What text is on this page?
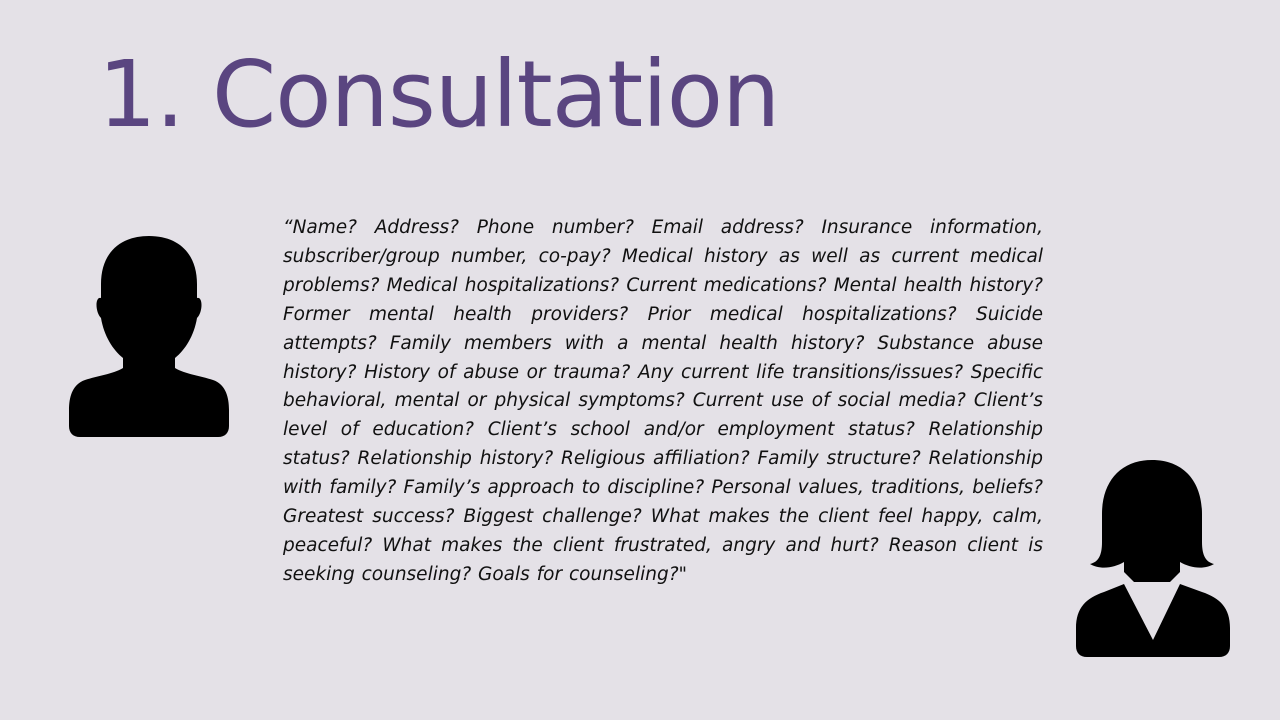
1. Consultation

“Name? Address? Phone number? Email address? Insurance information, subscriber/group number, co-pay? Medical history as well as current medical problems? Medical hospitalizations? Current medications? Mental health history? Former mental health providers? Prior medical hospitalizations? Suicide attempts? Family members with a mental health history? Substance abuse history? History of abuse or trauma? Any current life transitions/issues? Specific behavioral, mental or physical symptoms? Current use of social media? Client’s level of education? Client’s school and/or employment status? Relationship status? Relationship history? Religious affiliation? Family structure? Relationship with family? Family’s approach to discipline? Personal values, traditions, beliefs? Greatest success? Biggest challenge? What makes the client feel happy, calm, peaceful? What makes the client frustrated, angry and hurt? Reason client is seeking counseling? Goals for counseling?"
